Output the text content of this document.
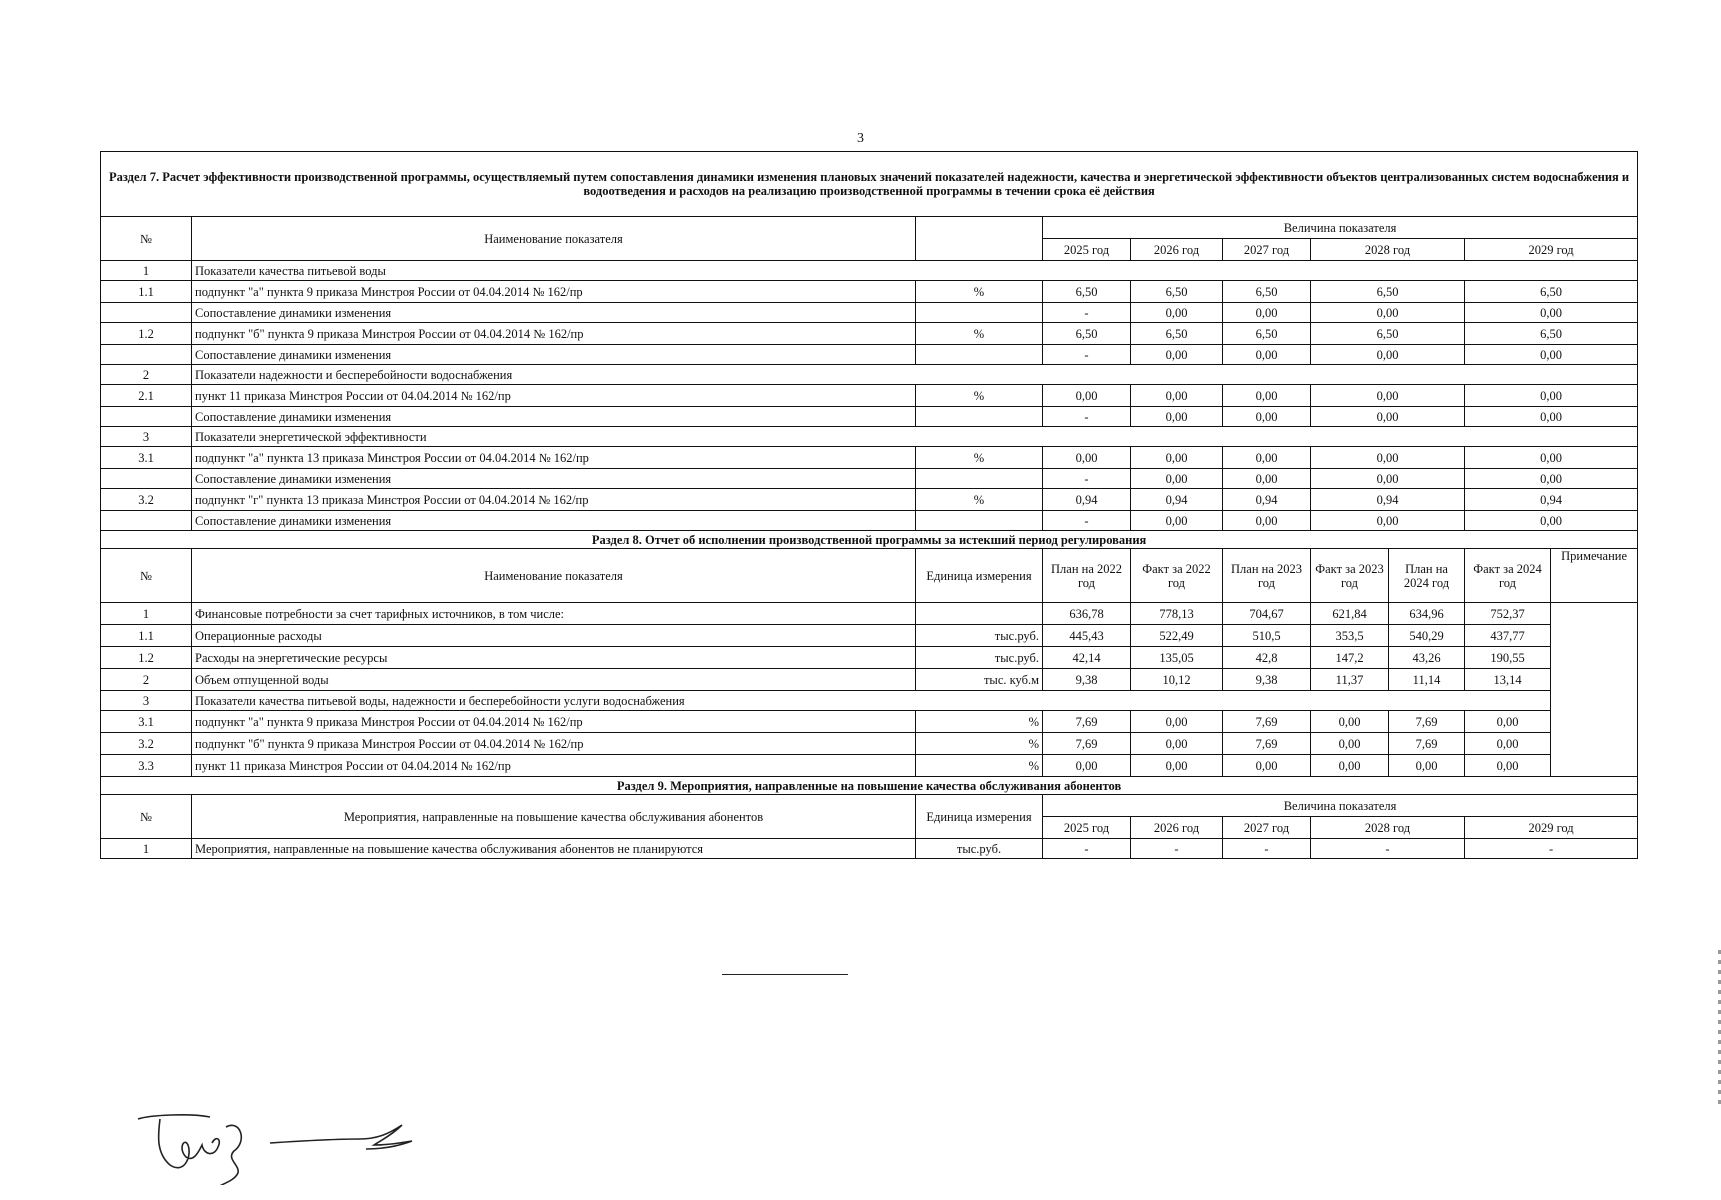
3
Раздел 7. Расчет эффективности производственной программы, осуществляемый путем сопоставления динамики изменения плановых значений показателей надежности, качества и энергетической эффективности объектов централизованных систем водоснабжения и водоотведения и расходов на реализацию производственной программы в течении срока её действия									
№	Наименование показателя		Величина показателя						
			2025 год	2026 год	2027 год	2028 год		2029 год	
1	Показатели качества питьевой воды								
1.1	подпункт "а" пункта 9 приказа Минстроя России от 04.04.2014 № 162/пр	%	6,50	6,50	6,50	6,50		6,50	
	Сопоставление динамики изменения		-	0,00	0,00	0,00		0,00	
1.2	подпункт "б" пункта 9 приказа Минстроя России от 04.04.2014 № 162/пр	%	6,50	6,50	6,50	6,50		6,50	
	Сопоставление динамики изменения		-	0,00	0,00	0,00		0,00	
2	Показатели надежности и бесперебойности водоснабжения								
2.1	пункт 11 приказа Минстроя России от 04.04.2014 № 162/пр	%	0,00	0,00	0,00	0,00		0,00	
	Сопоставление динамики изменения		-	0,00	0,00	0,00		0,00	
3	Показатели энергетической эффективности								
3.1	подпункт "а" пункта 13 приказа Минстроя России от 04.04.2014 № 162/пр	%	0,00	0,00	0,00	0,00		0,00	
	Сопоставление динамики изменения		-	0,00	0,00	0,00		0,00	
3.2	подпункт "г" пункта 13 приказа Минстроя России от 04.04.2014 № 162/пр	%	0,94	0,94	0,94	0,94		0,94	
	Сопоставление динамики изменения		-	0,00	0,00	0,00		0,00	
Раздел 8. Отчет об исполнении производственной программы за истекший период регулирования									
№	Наименование показателя	Единица измерения	План на 2022 год	Факт за 2022 год	План на 2023 год	Факт за 2023 год	План на 2024 год	Факт за 2024 год	Примечание
1	Финансовые потребности за счет тарифных источников, в том числе:		636,78	778,13	704,67	621,84	634,96	752,37	
1.1	Операционные расходы	тыс.руб.	445,43	522,49	510,5	353,5	540,29	437,77	
1.2	Расходы на энергетические ресурсы	тыс.руб.	42,14	135,05	42,8	147,2	43,26	190,55	
2	Объем отпущенной воды	тыс. куб.м	9,38	10,12	9,38	11,37	11,14	13,14	
3	Показатели качества питьевой воды, надежности и бесперебойности услуги водоснабжения								
3.1	подпункт "а" пункта 9 приказа Минстроя России от 04.04.2014 № 162/пр	%	7,69	0,00	7,69	0,00	7,69	0,00	
3.2	подпункт "б" пункта 9 приказа Минстроя России от 04.04.2014 № 162/пр	%	7,69	0,00	7,69	0,00	7,69	0,00	
3.3	пункт 11 приказа Минстроя России от 04.04.2014 № 162/пр	%	0,00	0,00	0,00	0,00	0,00	0,00	
Раздел 9. Мероприятия, направленные на повышение качества обслуживания абонентов									
№	Мероприятия, направленные на повышение качества обслуживания абонентов	Единица измерения	Величина показателя						
			2025 год	2026 год	2027 год	2028 год		2029 год	
1	Мероприятия, направленные на повышение качества обслуживания абонентов не планируются	тыс.руб.	-	-	-	-		-	
